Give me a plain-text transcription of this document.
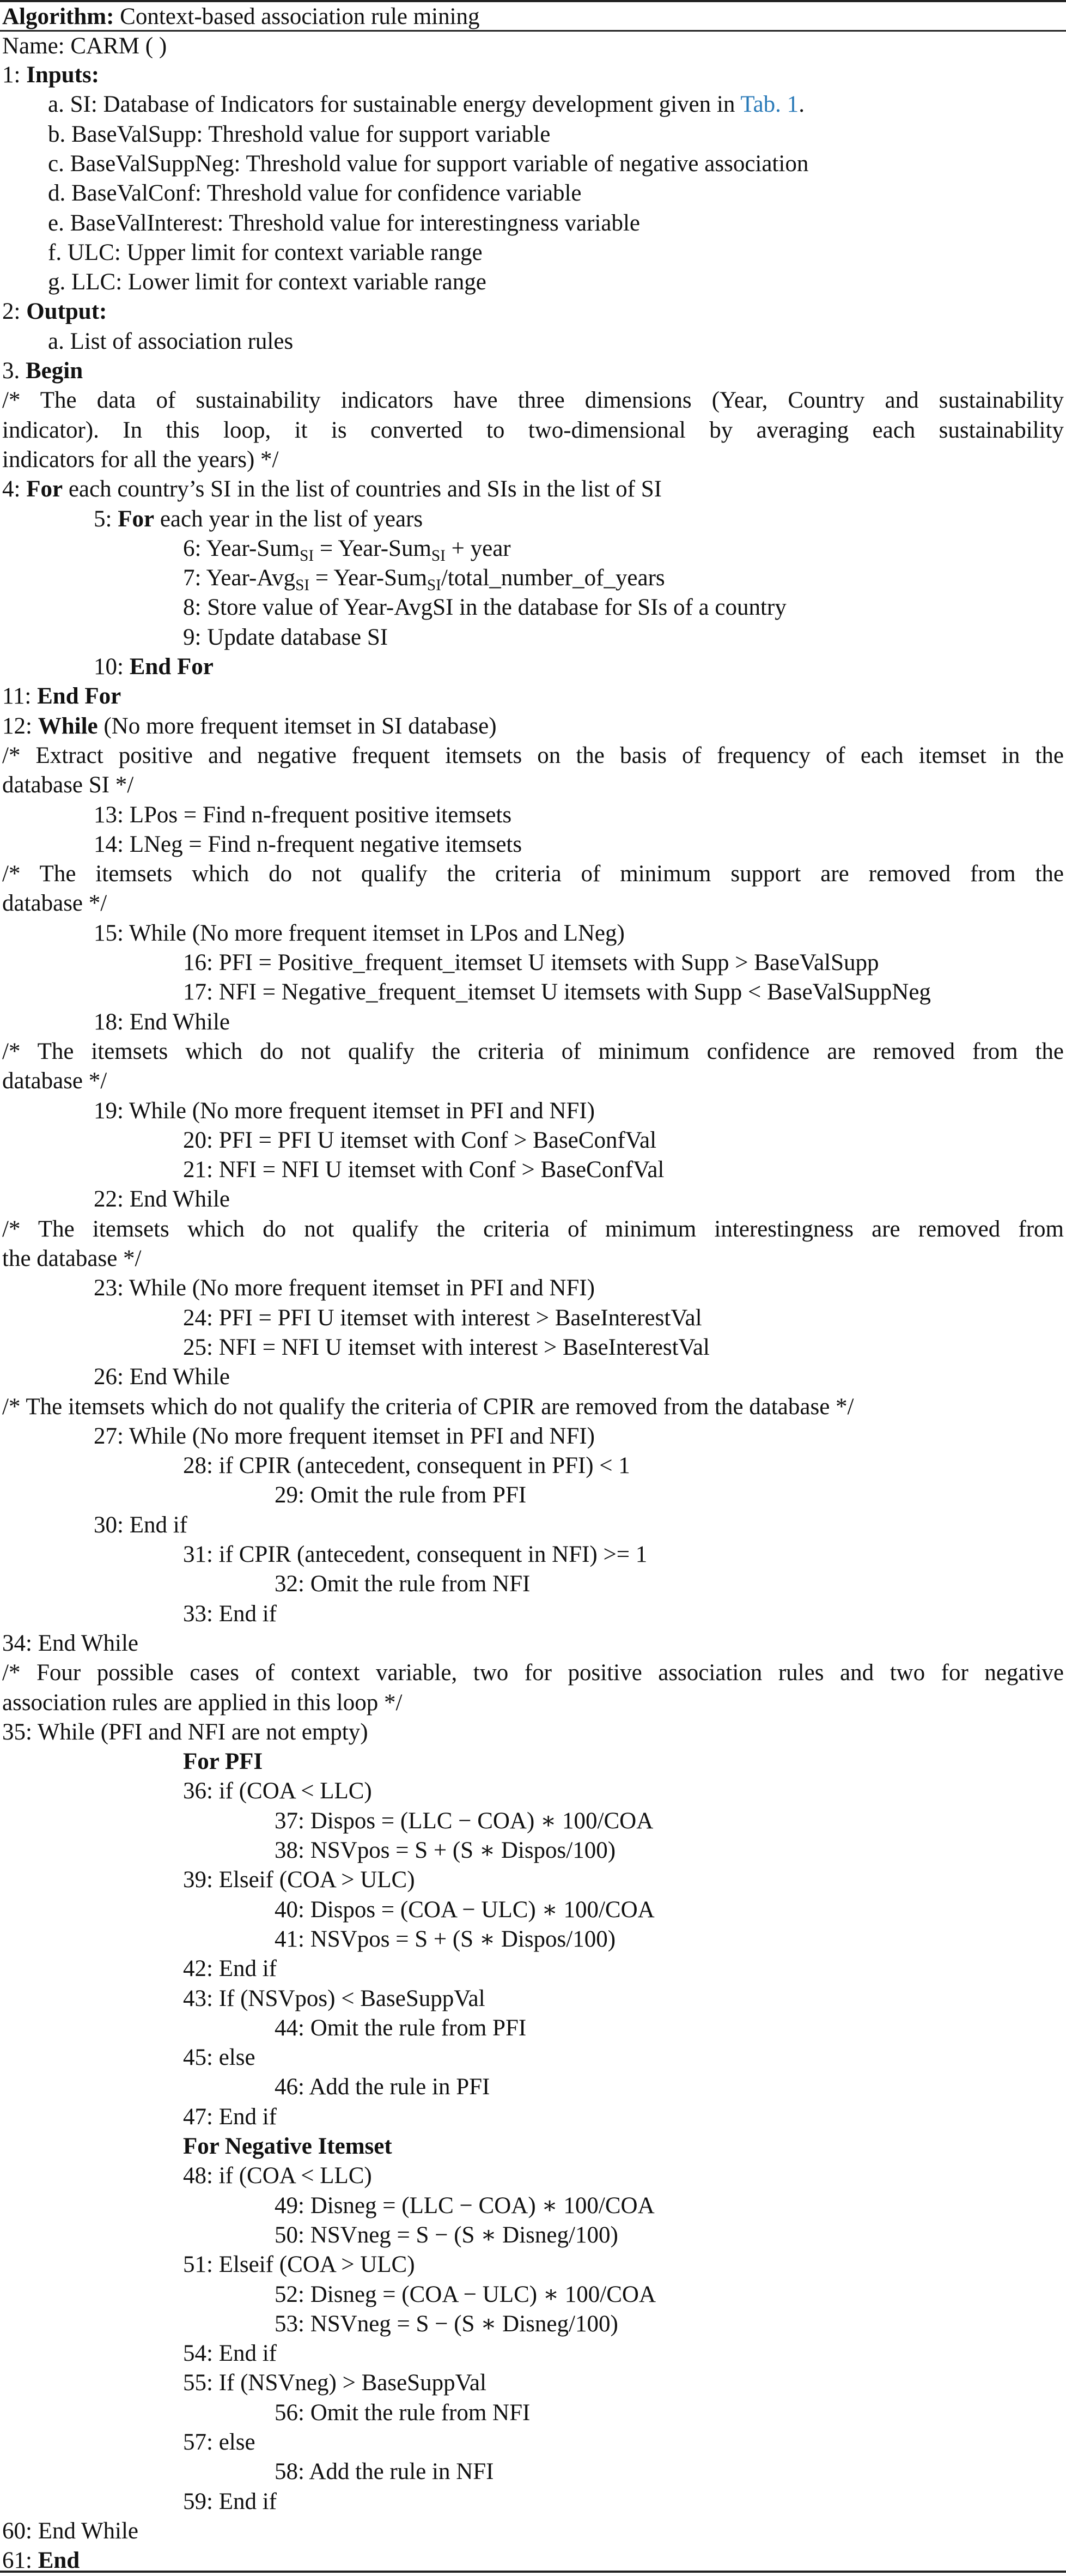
Algorithm: Context-based association rule mining
Name: CARM ( )
1: Inputs:
a. SI: Database of Indicators for sustainable energy development given in Tab. 1.
b. BaseValSupp: Threshold value for support variable
c. BaseValSuppNeg: Threshold value for support variable of negative association
d. BaseValConf: Threshold value for confidence variable
e. BaseValInterest: Threshold value for interestingness variable
f. ULC: Upper limit for context variable range
g. LLC: Lower limit for context variable range
2: Output:
a. List of association rules
3. Begin
/* The data of sustainability indicators have three dimensions (Year, Country and sustainability
indicator). In this loop, it is converted to two-dimensional by averaging each sustainability
indicators for all the years) */
4: For each country’s SI in the list of countries and SIs in the list of SI
5: For each year in the list of years
6: Year-Sum$_{SI}$ = Year-Sum$_{SI}$ + year
7: Year-Avg$_{SI}$ = Year-Sum$_{SI}$/total_number_of_years
8: Store value of Year-AvgSI in the database for SIs of a country
9: Update database SI
10: End For
11: End For
12: While (No more frequent itemset in SI database)
/* Extract positive and negative frequent itemsets on the basis of frequency of each itemset in the
database SI */
13: LPos = Find n-frequent positive itemsets
14: LNeg = Find n-frequent negative itemsets
/* The itemsets which do not qualify the criteria of minimum support are removed from the
database */
15: While (No more frequent itemset in LPos and LNeg)
16: PFI = Positive_frequent_itemset U itemsets with Supp > BaseValSupp
17: NFI = Negative_frequent_itemset U itemsets with Supp < BaseValSuppNeg
18: End While
/* The itemsets which do not qualify the criteria of minimum confidence are removed from the
database */
19: While (No more frequent itemset in PFI and NFI)
20: PFI = PFI U itemset with Conf > BaseConfVal
21: NFI = NFI U itemset with Conf > BaseConfVal
22: End While
/* The itemsets which do not qualify the criteria of minimum interestingness are removed from
the database */
23: While (No more frequent itemset in PFI and NFI)
24: PFI = PFI U itemset with interest > BaseInterestVal
25: NFI = NFI U itemset with interest > BaseInterestVal
26: End While
/* The itemsets which do not qualify the criteria of CPIR are removed from the database */
27: While (No more frequent itemset in PFI and NFI)
28: if CPIR (antecedent, consequent in PFI) < 1
29: Omit the rule from PFI
30: End if
31: if CPIR (antecedent, consequent in NFI) >= 1
32: Omit the rule from NFI
33: End if
34: End While
/* Four possible cases of context variable, two for positive association rules and two for negative
association rules are applied in this loop */
35: While (PFI and NFI are not empty)
For PFI
36: if (COA < LLC)
37: Dispos = (LLC − COA) ∗ 100/COA
38: NSVpos = S + (S ∗ Dispos/100)
39: Elseif (COA > ULC)
40: Dispos = (COA − ULC) ∗ 100/COA
41: NSVpos = S + (S ∗ Dispos/100)
42: End if
43: If (NSVpos) < BaseSuppVal
44: Omit the rule from PFI
45: else
46: Add the rule in PFI
47: End if
For Negative Itemset
48: if (COA < LLC)
49: Disneg = (LLC − COA) ∗ 100/COA
50: NSVneg = S − (S ∗ Disneg/100)
51: Elseif (COA > ULC)
52: Disneg = (COA − ULC) ∗ 100/COA
53: NSVneg = S − (S ∗ Disneg/100)
54: End if
55: If (NSVneg) > BaseSuppVal
56: Omit the rule from NFI
57: else
58: Add the rule in NFI
59: End if
60: End While
61: End
